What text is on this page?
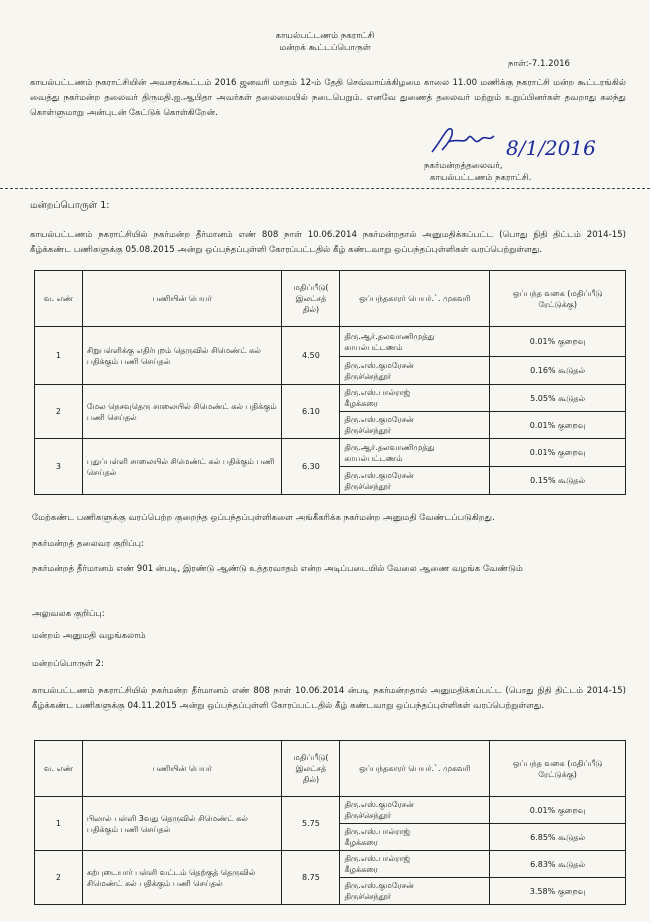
காயல்பட்டணம் நகராட்சி
மன்றக் கூட்டப்பொருள்
நாள்:-7.1.2016
காயல்பட்டணம் நகராட்சியின் அவசரக்கூட்டம் 2016 ஜனவரி மாதம் 12-ம் தேதி செவ்வாய்க்கிழமை காலை 11.00 மணிக்கு நகராட்சி மன்ற கூட்டரங்கில் வைத்து நகர்மன்ற தலைவர் திருமதி.ஐ.ஆபிதா அவர்கள் தலைமையில் நடைபெறும். எனவே துணைத் தலைவர் மற்றும் உறுப்பினர்கள் தவறாது கலந்து கொள்ளுமாறு அன்புடன் கேட்டுக் கொள்கிறேன்.
8/1/2016
நகர்மன்றத்தலைவர்,
காயல்பட்டணம் நகராட்சி.
மன்றப்பொருள் 1:
காயல்பட்டணம் நகராட்சியில் நகர்மன்ற தீர்மானம் எண் 808 நாள் 10.06.2014 நகர்மன்றதால் அனுமதிக்கப்பட்ட (பொது நிதி திட்டம் 2014-15) கீழ்க்கண்ட பணிகளுக்கு 05.08.2015 அன்று ஒப்பந்தப்புள்ளி கோரப்பட்டதில் கீழ் கண்டவாறு ஒப்பந்தப்புள்ளிகள் வரப்பெற்றுள்ளது.
வ. எண்	பணியின் பெயர்	மதிப்பீடு( இலட்சத் தில்)	ஒப்பந்தகாரர் பெயர்.`. முகவரி	ஒப்பந்த வகை (மதிப்பீடு ரேட்டுக்கு)
1	சிறுபள்ளிக்கு எதிர்புறம் தெருவில் சிமெண்ட் கல் பதிக்கும் பணி செய்தல்	4.50	திரு.ஆர்.தலவாணிமுத்து
காயல்பட்டணம்	0.01% குறைவு
			திரு.எஸ்.குமரேசன்
திருச்செந்தூர்	0.16% கூடுதல்
2	மேல நெசவுதெரு சாலையில் சிமெண்ட் கல் பதிக்கும் பணி செய்தல்	6.10	திரு.எஸ்.பால்ராஜ்
கீழக்கரை	5.05% கூடுதல்
			திரு.எஸ்.குமரேசன்
திருச்செந்தூர்	0.01% குறைவு
3	புதுப்பள்ளி சாலையில் சிமெண்ட் கல் பதிக்கும் பணி செய்தல்	6.30	திரு.ஆர்.தலவாணிமுத்து
காயல்பட்டணம்	0.01% குறைவு
			திரு.எஸ்.குமரேசன்
திருச்செந்தூர்	0.15% கூடுதல்
மேற்கண்ட பணிகளுக்கு வரப்பெற்ற குறைந்த ஒப்பந்தப்புள்ளிகளை அங்கீகரிக்க நகர்மன்ற அனுமதி வேண்டப்படுகிறது.
நகர்மன்றத் தலைவர குறிப்பு:
நகர்மன்றத் தீர்மானம் எண் 901 ன்படி, இரண்டு ஆண்டு உத்தரவாதம் என்ற அடிப்படையில் வேலை ஆணை வழங்க வேண்டும்
அலுவலக குறிப்பு:
மன்றம் அனுமதி வழங்கலாம்
மன்றப்பொருள் 2:
காயல்பட்டணம் நகராட்சியில் நகர்மன்ற தீர்மானம் எண் 808 நாள் 10.06.2014 ன்படி நகர்மன்றதால் அனுமதிக்கப்பட்ட (பொது நிதி திட்டம் 2014-15) கீழ்க்கண்ட பணிகளுக்கு 04.11.2015 அன்று ஒப்பந்தப்புள்ளி கோரப்பட்டதில் கீழ் கண்டவாறு ஒப்பந்தப்புள்ளிகள் வரப்பெற்றுள்ளது.
வ. எண்	பணியின் பெயர்	மதிப்பீடு( இலட்சத் தில்)	ஒப்பந்தகாரர் பெயர்.`. முகவரி	ஒப்பந்த வகை (மதிப்பீடு ரேட்டுக்கு)
1	பிலால் பள்ளி 3வது தெருவில் சிமெண்ட் கல் பதிக்கும் பணி செய்தல்	5.75	திரு.எஸ்.குமரேசன்
திருச்செந்தூர்	0.01% குறைவு
			திரு.எஸ்.பால்ராஜ்
கீழக்கரை	6.85% கூடுதல்
2	கற்புடையார் பள்ளி வட்டம் தெற்குத் தெருவில் சிமெண்ட் கல் பதிக்கும் பணி செய்தல்	8.75	திரு.எஸ்.பால்ராஜ்
கீழக்கரை	6.83% கூடுதல்
			திரு.எஸ்.குமரேசன்
திருச்செந்தூர்	3.58% குறைவு
